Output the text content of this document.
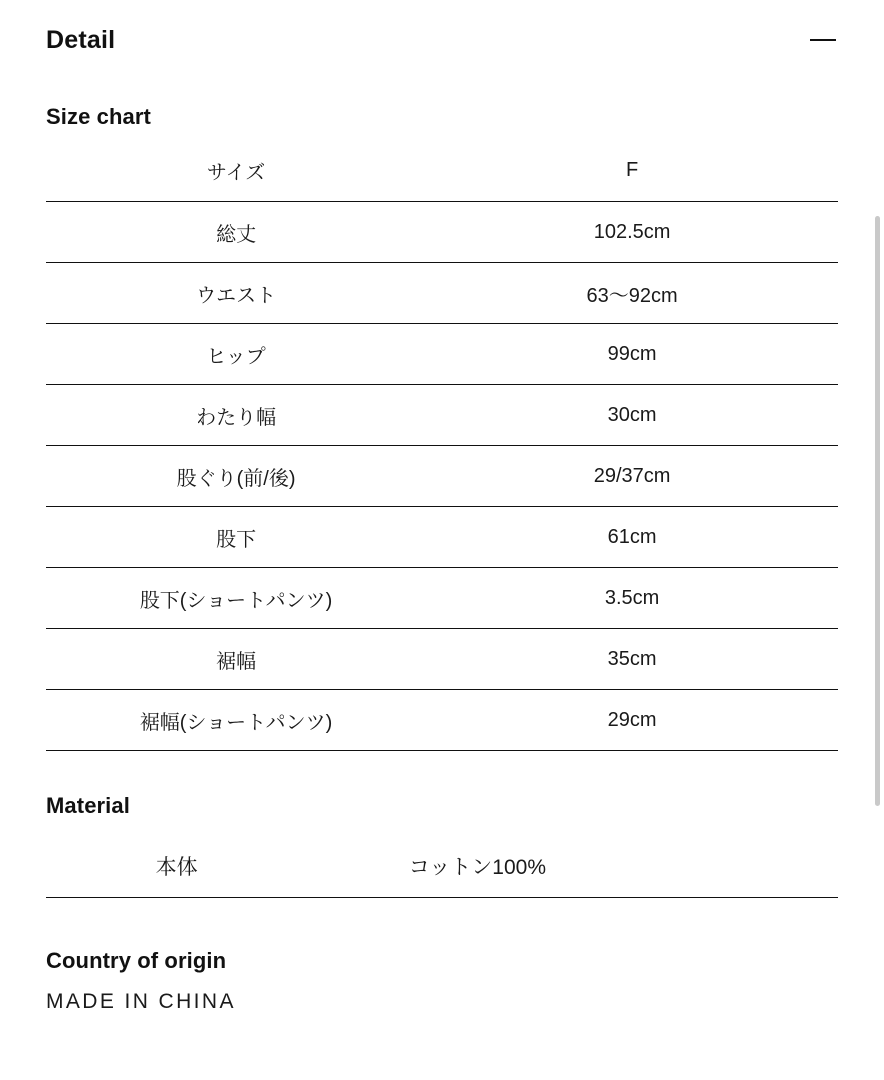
Detail
Size chart
サイズ	F
総丈	102.5cm
ウエスト	63〜92cm
ヒップ	99cm
わたり幅	30cm
股ぐり(前/後)	29/37cm
股下	61cm
股下(ショートパンツ)	3.5cm
裾幅	35cm
裾幅(ショートパンツ)	29cm
Material
本体	コットン100%
Country of origin
MADE IN CHINA
